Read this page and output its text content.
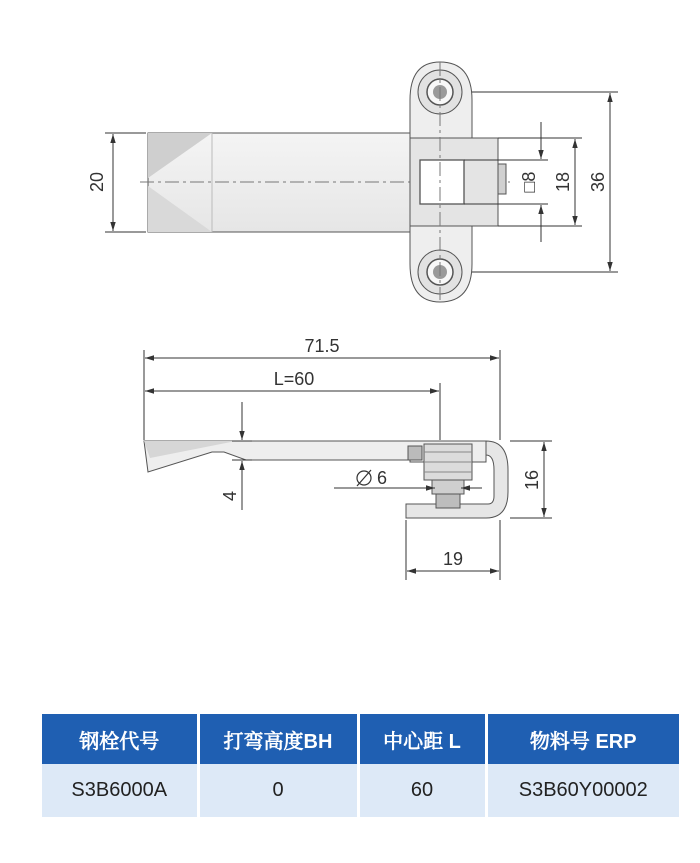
20	□8 18 36
71.5
L=60
4
6	16
19
钢栓代号	打弯高度BH	中心距 L	物料号 ERP
S3B6000A	0	60	S3B60Y00002
